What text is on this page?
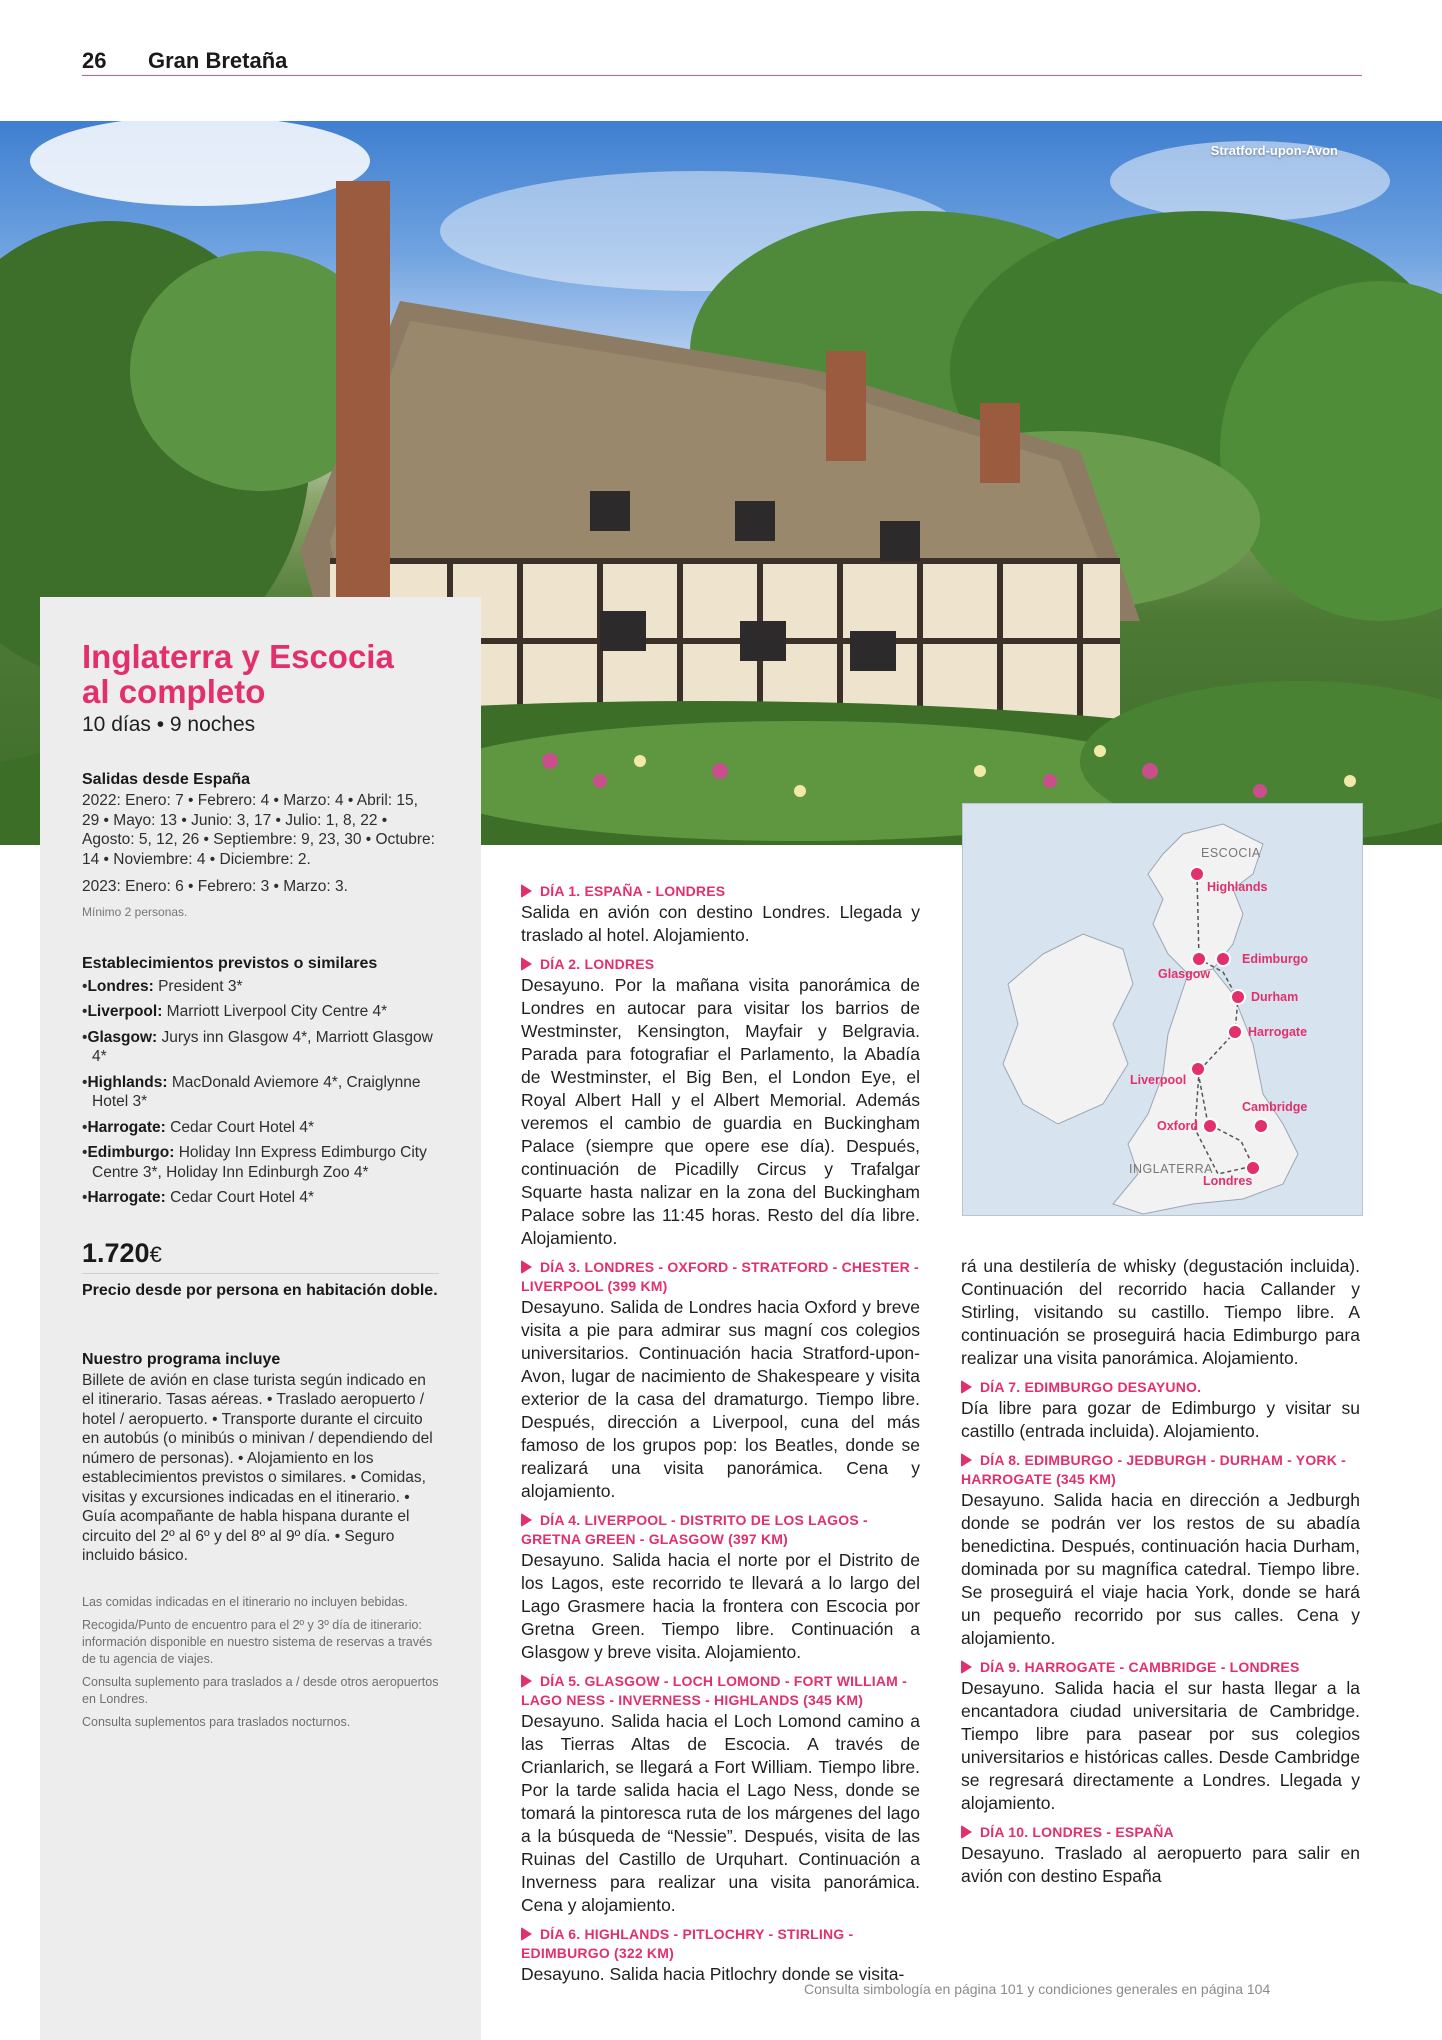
26 Gran Bretaña
Stratford-upon-Avon
Inglaterra y Escocia al completo
10 días • 9 noches
Salidas desde España
2022: Enero: 7 • Febrero: 4 • Marzo: 4 • Abril: 15, 29 • Mayo: 13 • Junio: 3, 17 • Julio: 1, 8, 22 • Agosto: 5, 12, 26 • Septiembre: 9, 23, 30 • Octubre: 14 • Noviembre: 4 • Diciembre: 2.
2023: Enero: 6 • Febrero: 3 • Marzo: 3.
Mínimo 2 personas.
Establecimientos previstos o similares
• Londres: President 3*
• Liverpool: Marriott Liverpool City Centre 4*
• Glasgow: Jurys inn Glasgow 4*, Marriott Glasgow 4*
• Highlands: MacDonald Aviemore 4*, Craiglynne Hotel 3*
• Harrogate: Cedar Court Hotel 4*
• Edimburgo: Holiday Inn Express Edimburgo City Centre 3*, Holiday Inn Edinburgh Zoo 4*
• Harrogate: Cedar Court Hotel 4*
1.720€
Precio desde por persona en habitación doble.
Nuestro programa incluye
Billete de avión en clase turista según indicado en el itinerario. Tasas aéreas. • Traslado aeropuerto / hotel / aeropuerto. • Transporte durante el circuito en autobús (o minibús o minivan / dependiendo del número de personas). • Alojamiento en los establecimientos previstos o similares. • Comidas, visitas y excursiones indicadas en el itinerario. • Guía acompañante de habla hispana durante el circuito del 2º al 6º y del 8º al 9º día. • Seguro incluido básico.

Las comidas indicadas en el itinerario no incluyen bebidas.

Recogida/Punto de encuentro para el 2º y 3º día de itinerario: información disponible en nuestro sistema de reservas a través de tu agencia de viajes.

Consulta suplemento para traslados a / desde otros aeropuertos en Londres.

Consulta suplementos para traslados nocturnos.

DÍA 1. ESPAÑA - LONDRES
Salida en avión con destino Londres. Llegada y traslado al hotel. Alojamiento.
DÍA 2. LONDRES
Desayuno. Por la mañana visita panorámica de Londres en autocar para visitar los barrios de Westminster, Kensington, Mayfair y Belgravia. Parada para fotografiar el Parlamento, la Abadía de Westminster, el Big Ben, el London Eye, el Royal Albert Hall y el Albert Memorial. Además veremos el cambio de guardia en Buckingham Palace (siempre que opere ese día). Después, continuación de Picadilly Circus y Trafalgar Squarte hasta nalizar en la zona del Buckingham Palace sobre las 11:45 horas. Resto del día libre. Alojamiento.
DÍA 3. LONDRES - OXFORD - STRATFORD - CHESTER - LIVERPOOL (399 KM)
Desayuno. Salida de Londres hacia Oxford y breve visita a pie para admirar sus magní cos colegios universitarios. Continuación hacia Stratford-upon-Avon, lugar de nacimiento de Shakespeare y visita exterior de la casa del dramaturgo. Tiempo libre. Después, dirección a Liverpool, cuna del más famoso de los grupos pop: los Beatles, donde se realizará una visita panorámica. Cena y alojamiento.
DÍA 4. LIVERPOOL - DISTRITO DE LOS LAGOS - GRETNA GREEN - GLASGOW (397 KM)
Desayuno. Salida hacia el norte por el Distrito de los Lagos, este recorrido te llevará a lo largo del Lago Grasmere hacia la frontera con Escocia por Gretna Green. Tiempo libre. Continuación a Glasgow y breve visita. Alojamiento.
DÍA 5. GLASGOW - LOCH LOMOND - FORT WILLIAM - LAGO NESS - INVERNESS - HIGHLANDS (345 KM)
Desayuno. Salida hacia el Loch Lomond camino a las Tierras Altas de Escocia. A través de Crianlarich, se llegará a Fort William. Tiempo libre. Por la tarde salida hacia el Lago Ness, donde se tomará la pintoresca ruta de los márgenes del lago a la búsqueda de “Nessie”. Después, visita de las Ruinas del Castillo de Urquhart. Continuación a Inverness para realizar una visita panorámica. Cena y alojamiento.
DÍA 6. HIGHLANDS - PITLOCHRY - STIRLING - EDIMBURGO (322 KM)
Desayuno. Salida hacia Pitlochry donde se visita-
ESCOCIA
INGLATERRA
Highlands
Edimburgo
Glasgow
Durham
Harrogate
Liverpool
Cambridge
Oxford
Londres
rá una destilería de whisky (degustación incluida). Continuación del recorrido hacia Callander y Stirling, visitando su castillo. Tiempo libre. A continuación se proseguirá hacia Edimburgo para realizar una visita panorámica. Alojamiento.
DÍA 7. EDIMBURGO DESAYUNO.
Día libre para gozar de Edimburgo y visitar su castillo (entrada incluida). Alojamiento.
DÍA 8. EDIMBURGO - JEDBURGH - DURHAM - YORK - HARROGATE (345 KM)
Desayuno. Salida hacia en dirección a Jedburgh donde se podrán ver los restos de su abadía benedictina. Después, continuación hacia Durham, dominada por su magnífica catedral. Tiempo libre. Se proseguirá el viaje hacia York, donde se hará un pequeño recorrido por sus calles. Cena y alojamiento.
DÍA 9. HARROGATE - CAMBRIDGE - LONDRES
Desayuno. Salida hacia el sur hasta llegar a la encantadora ciudad universitaria de Cambridge. Tiempo libre para pasear por sus colegios universitarios e históricas calles. Desde Cambridge se regresará directamente a Londres. Llegada y alojamiento.
DÍA 10. LONDRES - ESPAÑA
Desayuno. Traslado al aeropuerto para salir en avión con destino España
Consulta simbología en página 101 y condiciones generales en página 104
